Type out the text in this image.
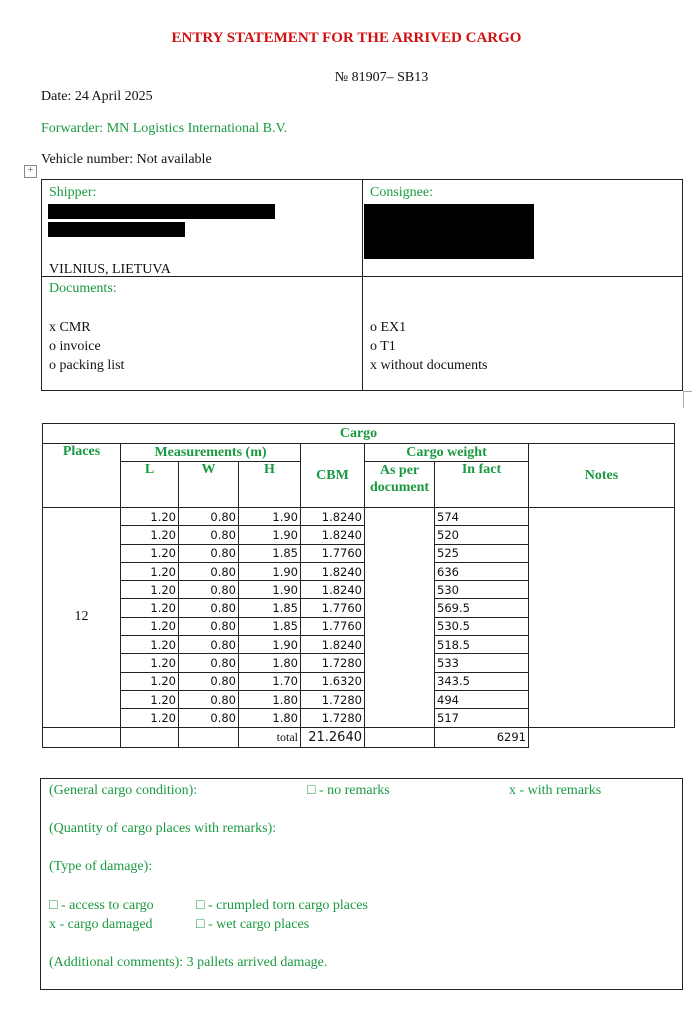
ENTRY STATEMENT FOR THE ARRIVED CARGO
№ 81907– SB13
Date: 24 April 2025
Forwarder: MN Logistics International B.V.
Vehicle number: Not available
+
Shipper:
VILNIUS, LIETUVA
Consignee:
Documents:
x CMR
o invoice
o packing list
o EX1
o T1
x without documents
Cargo							
Places	Measurements (m)			CBM	Cargo weight		Notes
	L	W	H		As per document	In fact	
12	1.20	0.80	1.90	1.8240		574	
	1.20	0.80	1.90	1.8240		520	
	1.20	0.80	1.85	1.7760		525	
	1.20	0.80	1.90	1.8240		636	
	1.20	0.80	1.90	1.8240		530	
	1.20	0.80	1.85	1.7760		569.5	
	1.20	0.80	1.85	1.7760		530.5	
	1.20	0.80	1.90	1.8240		518.5	
	1.20	0.80	1.80	1.7280		533	
	1.20	0.80	1.70	1.6320		343.5	
	1.20	0.80	1.80	1.7280		494	
	1.20	0.80	1.80	1.7280		517	
			total	21.2640		6291	
(General cargo condition):	□ - no remarks	x - with remarks
(Quantity of cargo places with remarks):
(Type of damage):
□ - access to cargo	□ - crumpled torn cargo places
x - cargo damaged	□ - wet cargo places
(Additional comments): 3 pallets arrived damage.
